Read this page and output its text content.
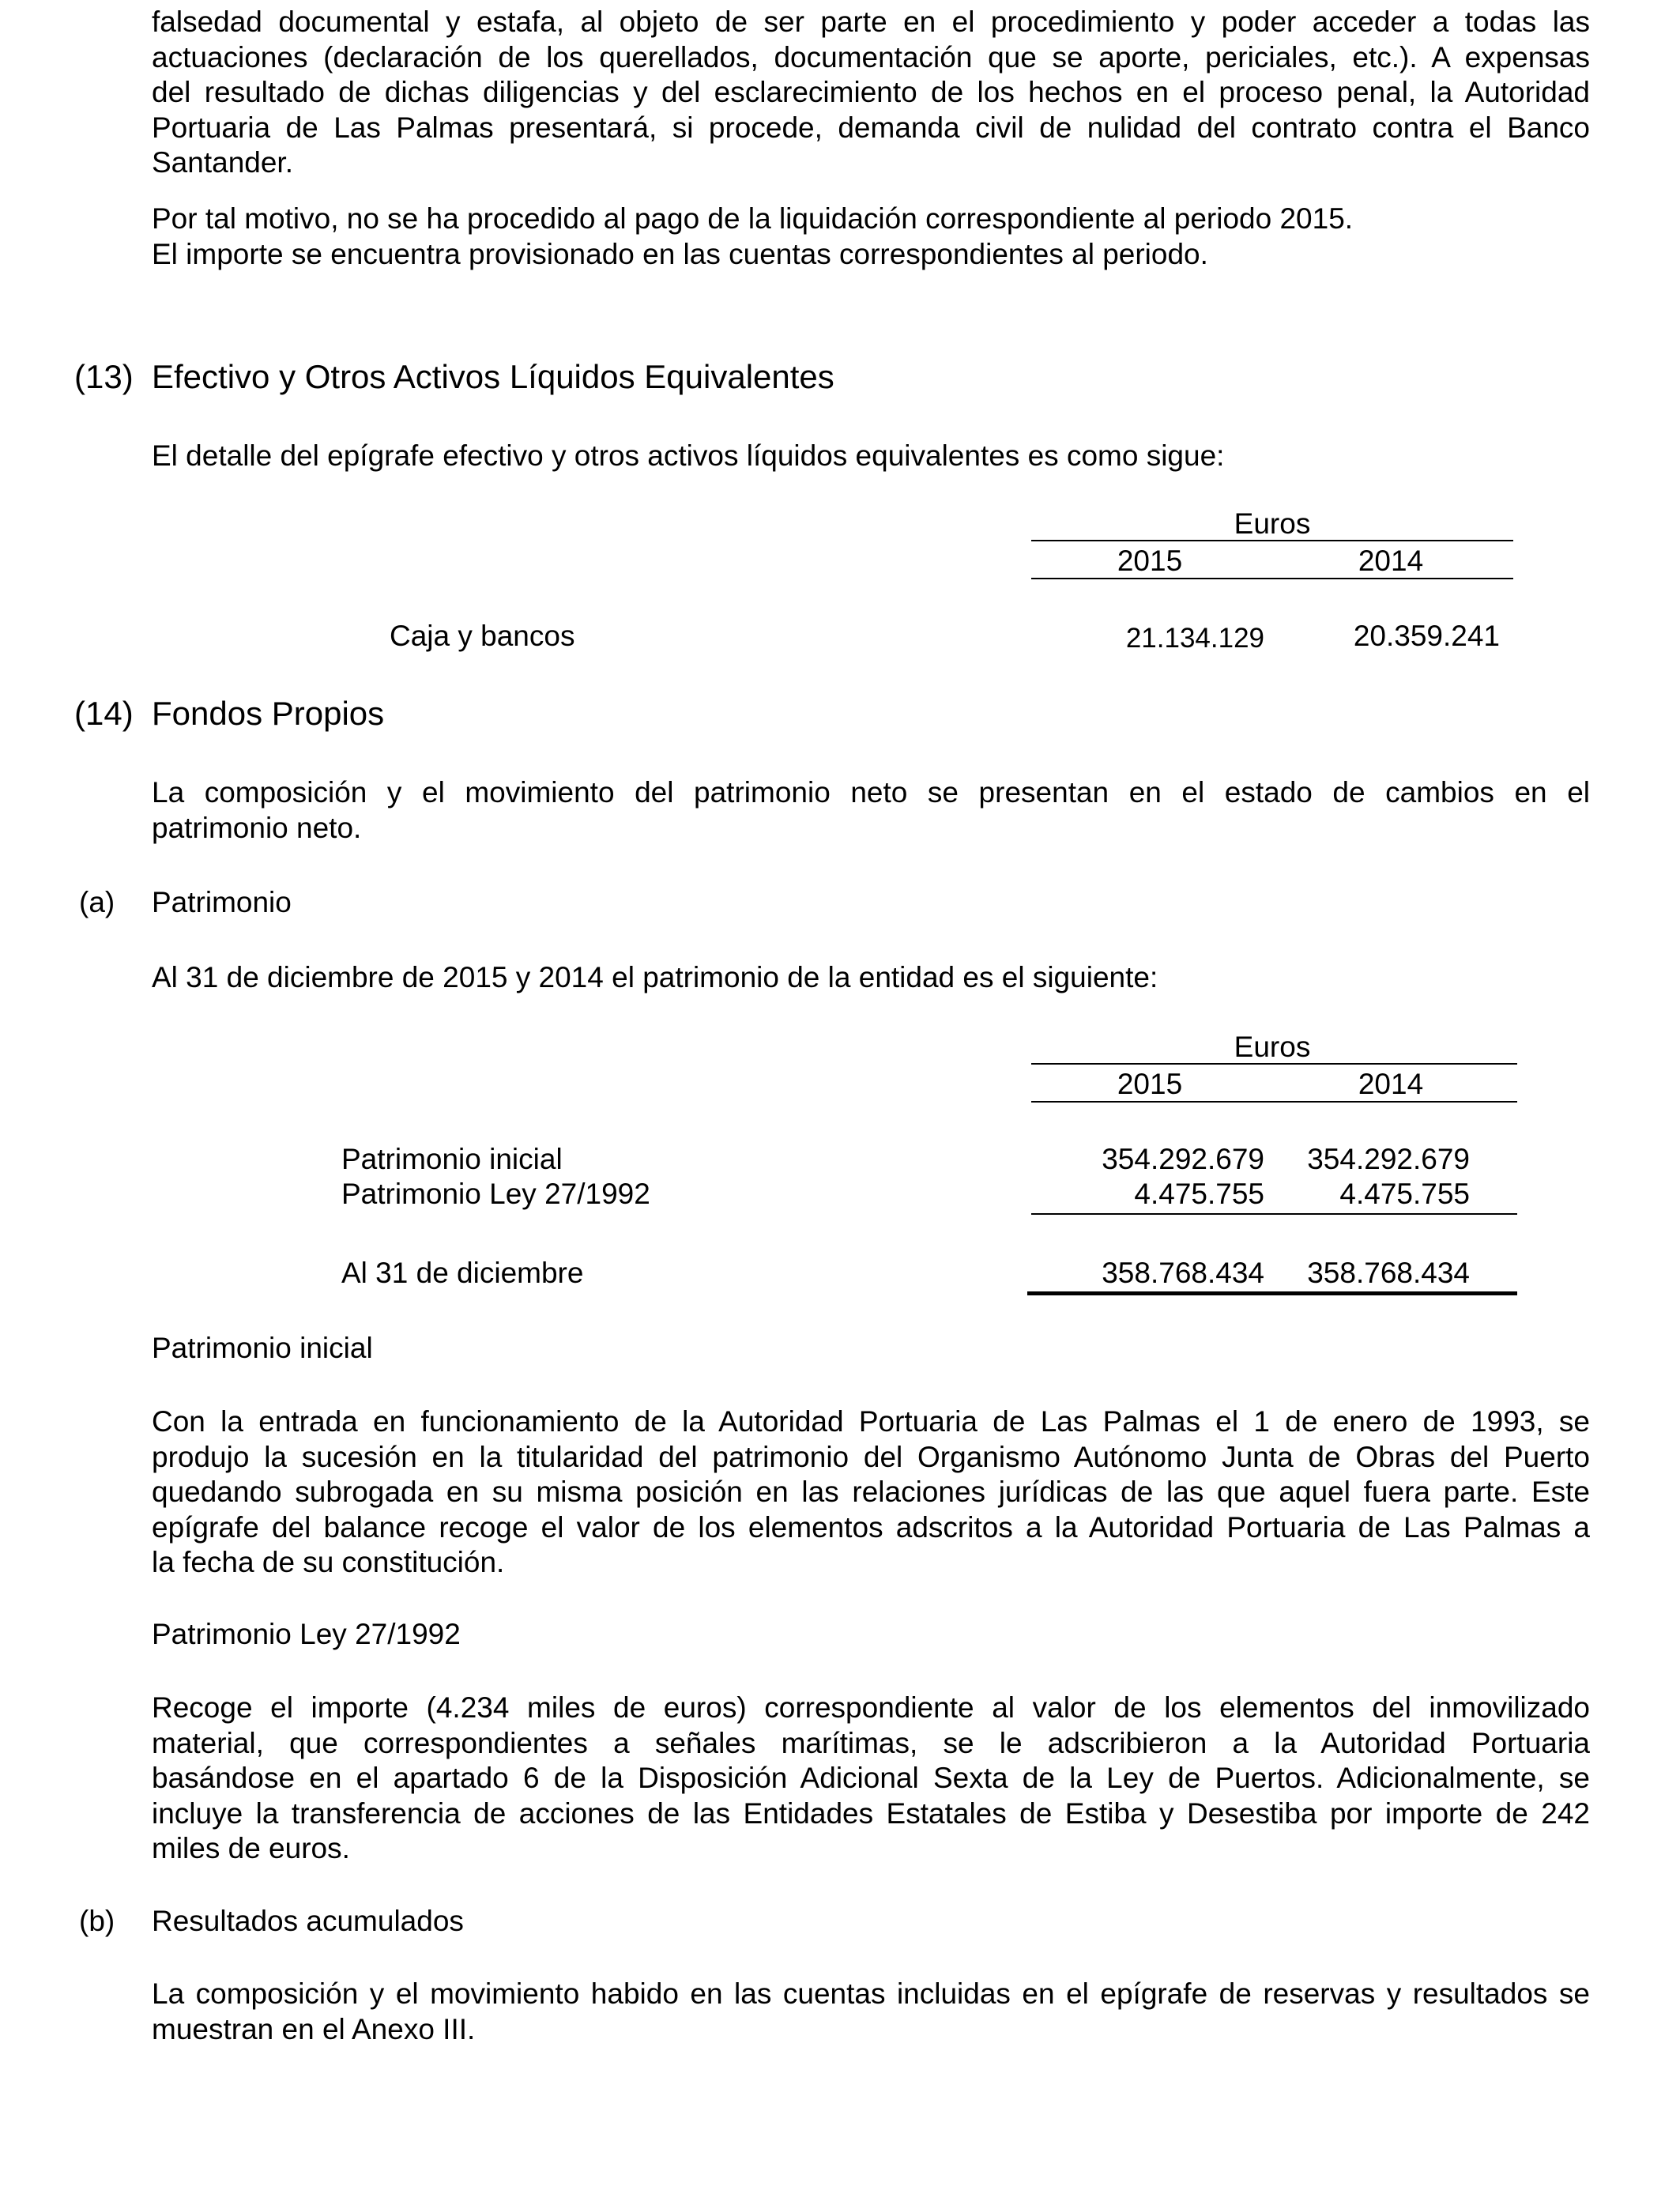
falsedad documental y estafa, al objeto de ser parte en el procedimiento y poder acceder a todas las
actuaciones (declaración de los querellados, documentación que se aporte, periciales, etc.). A expensas
del resultado de dichas diligencias y del esclarecimiento de los hechos en el proceso penal, la Autoridad
Portuaria de Las Palmas presentará, si procede, demanda civil de nulidad del contrato contra el Banco
Santander.
Por tal motivo, no se ha procedido al pago de la liquidación correspondiente al periodo 2015.
El importe se encuentra provisionado en las cuentas correspondientes al periodo.
(13) Efectivo y Otros Activos Líquidos Equivalentes
El detalle del epígrafe efectivo y otros activos líquidos equivalentes es como sigue:
Euros
2015	2014
Caja y bancos	21.134.129	20.359.241
(14) Fondos Propios
La composición y el movimiento del patrimonio neto se presentan en el estado de cambios en el
patrimonio neto.
(a) Patrimonio
Al 31 de diciembre de 2015 y 2014 el patrimonio de la entidad es el siguiente:
Euros
2015	2014
Patrimonio inicial	354.292.679	354.292.679
Patrimonio Ley 27/1992	4.475.755	4.475.755
Al 31 de diciembre	358.768.434	358.768.434
Patrimonio inicial
Con la entrada en funcionamiento de la Autoridad Portuaria de Las Palmas el 1 de enero de 1993, se
produjo la sucesión en la titularidad del patrimonio del Organismo Autónomo Junta de Obras del Puerto
quedando subrogada en su misma posición en las relaciones jurídicas de las que aquel fuera parte. Este
epígrafe del balance recoge el valor de los elementos adscritos a la Autoridad Portuaria de Las Palmas a
la fecha de su constitución.
Patrimonio Ley 27/1992
Recoge el importe (4.234 miles de euros) correspondiente al valor de los elementos del inmovilizado
material, que correspondientes a señales marítimas, se le adscribieron a la Autoridad Portuaria
basándose en el apartado 6 de la Disposición Adicional Sexta de la Ley de Puertos. Adicionalmente, se
incluye la transferencia de acciones de las Entidades Estatales de Estiba y Desestiba por importe de 242
miles de euros.
(b) Resultados acumulados
La composición y el movimiento habido en las cuentas incluidas en el epígrafe de reservas y resultados se
muestran en el Anexo III.
